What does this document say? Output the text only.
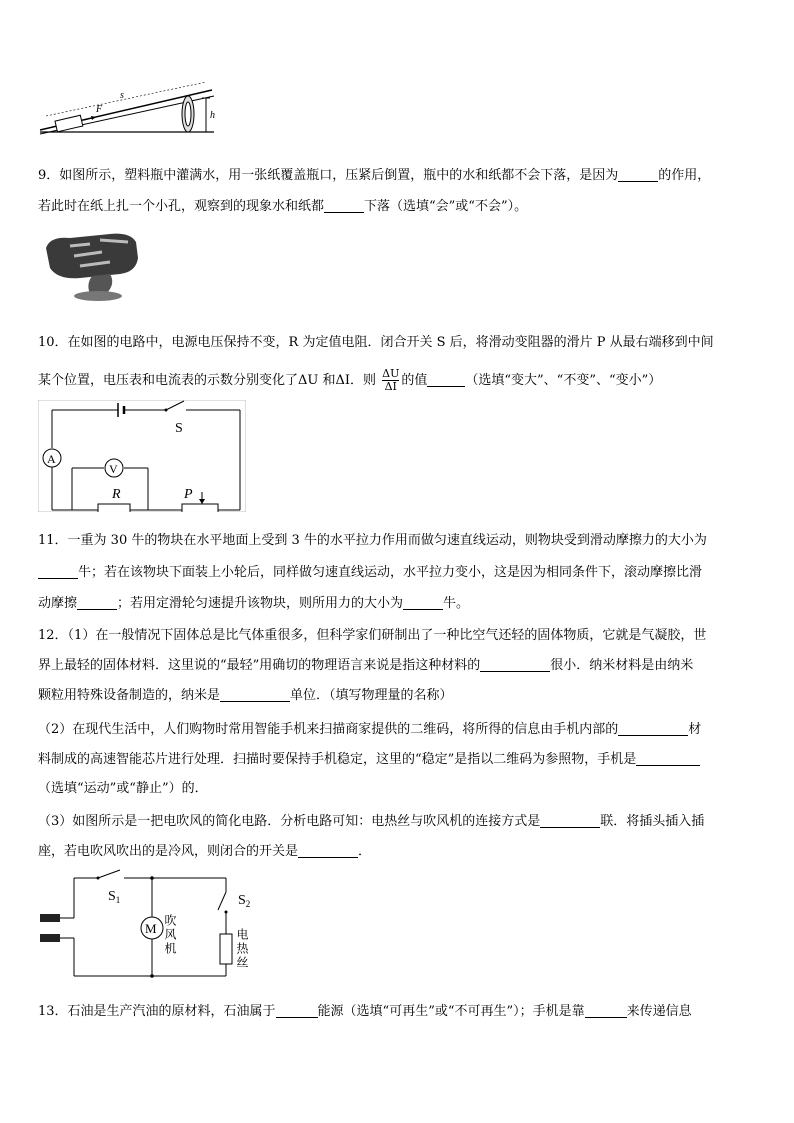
F
s
h
9．如图所示，塑料瓶中灌满水，用一张纸覆盖瓶口，压紧后倒置，瓶中的水和纸都不会下落，是因为	的作用，
若此时在纸上扎一个小孔，观察到的现象水和纸都	下落（选填“会”或“不会”）。
10．在如图的电路中，电源电压保持不变，R 为定值电阻．闭合开关 S 后，将滑动变阻器的滑片 P 从最右端移到中间
某个位置，电压表和电流表的示数分别变化了ΔU 和ΔI．则 $\frac{\Delta U}{\Delta I}$ 的值	（选填“变大”、“不变”、“变小”）
S
A
V
R	P
11．一重为 30 牛的物块在水平地面上受到 3 牛的水平拉力作用而做匀速直线运动，则物块受到滑动摩擦力的大小为
牛；若在该物块下面装上小轮后，同样做匀速直线运动，水平拉力变小，这是因为相同条件下，滚动摩擦比滑
动摩擦	；若用定滑轮匀速提升该物块，则所用力的大小为	牛。
12．（1）在一般情况下固体总是比气体重很多，但科学家们研制出了一种比空气还轻的固体物质，它就是气凝胶，世
界上最轻的固体材料．这里说的“最轻”用确切的物理语言来说是指这种材料的	很小．纳米材料是由纳米
颗粒用特殊设备制造的，纳米是	单位．（填写物理量的名称）
（2）在现代生活中，人们购物时常用智能手机来扫描商家提供的二维码，将所得的信息由手机内部的	材
料制成的高速智能芯片进行处理．扫描时要保持手机稳定，这里的“稳定”是指以二维码为参照物，手机是
（选填“运动”或“静止”）的．
（3）如图所示是一把电吹风的简化电路．分析电路可知：电热丝与吹风机的连接方式是	联．将插头插入插
座，若电吹风吹出的是冷风，则闭合的开关是	．
$S_1$
M 吹风机
$S_2$
电热丝
13．石油是生产汽油的原材料，石油属于	能源（选填“可再生”或“不可再生”）；手机是靠	来传递信息
